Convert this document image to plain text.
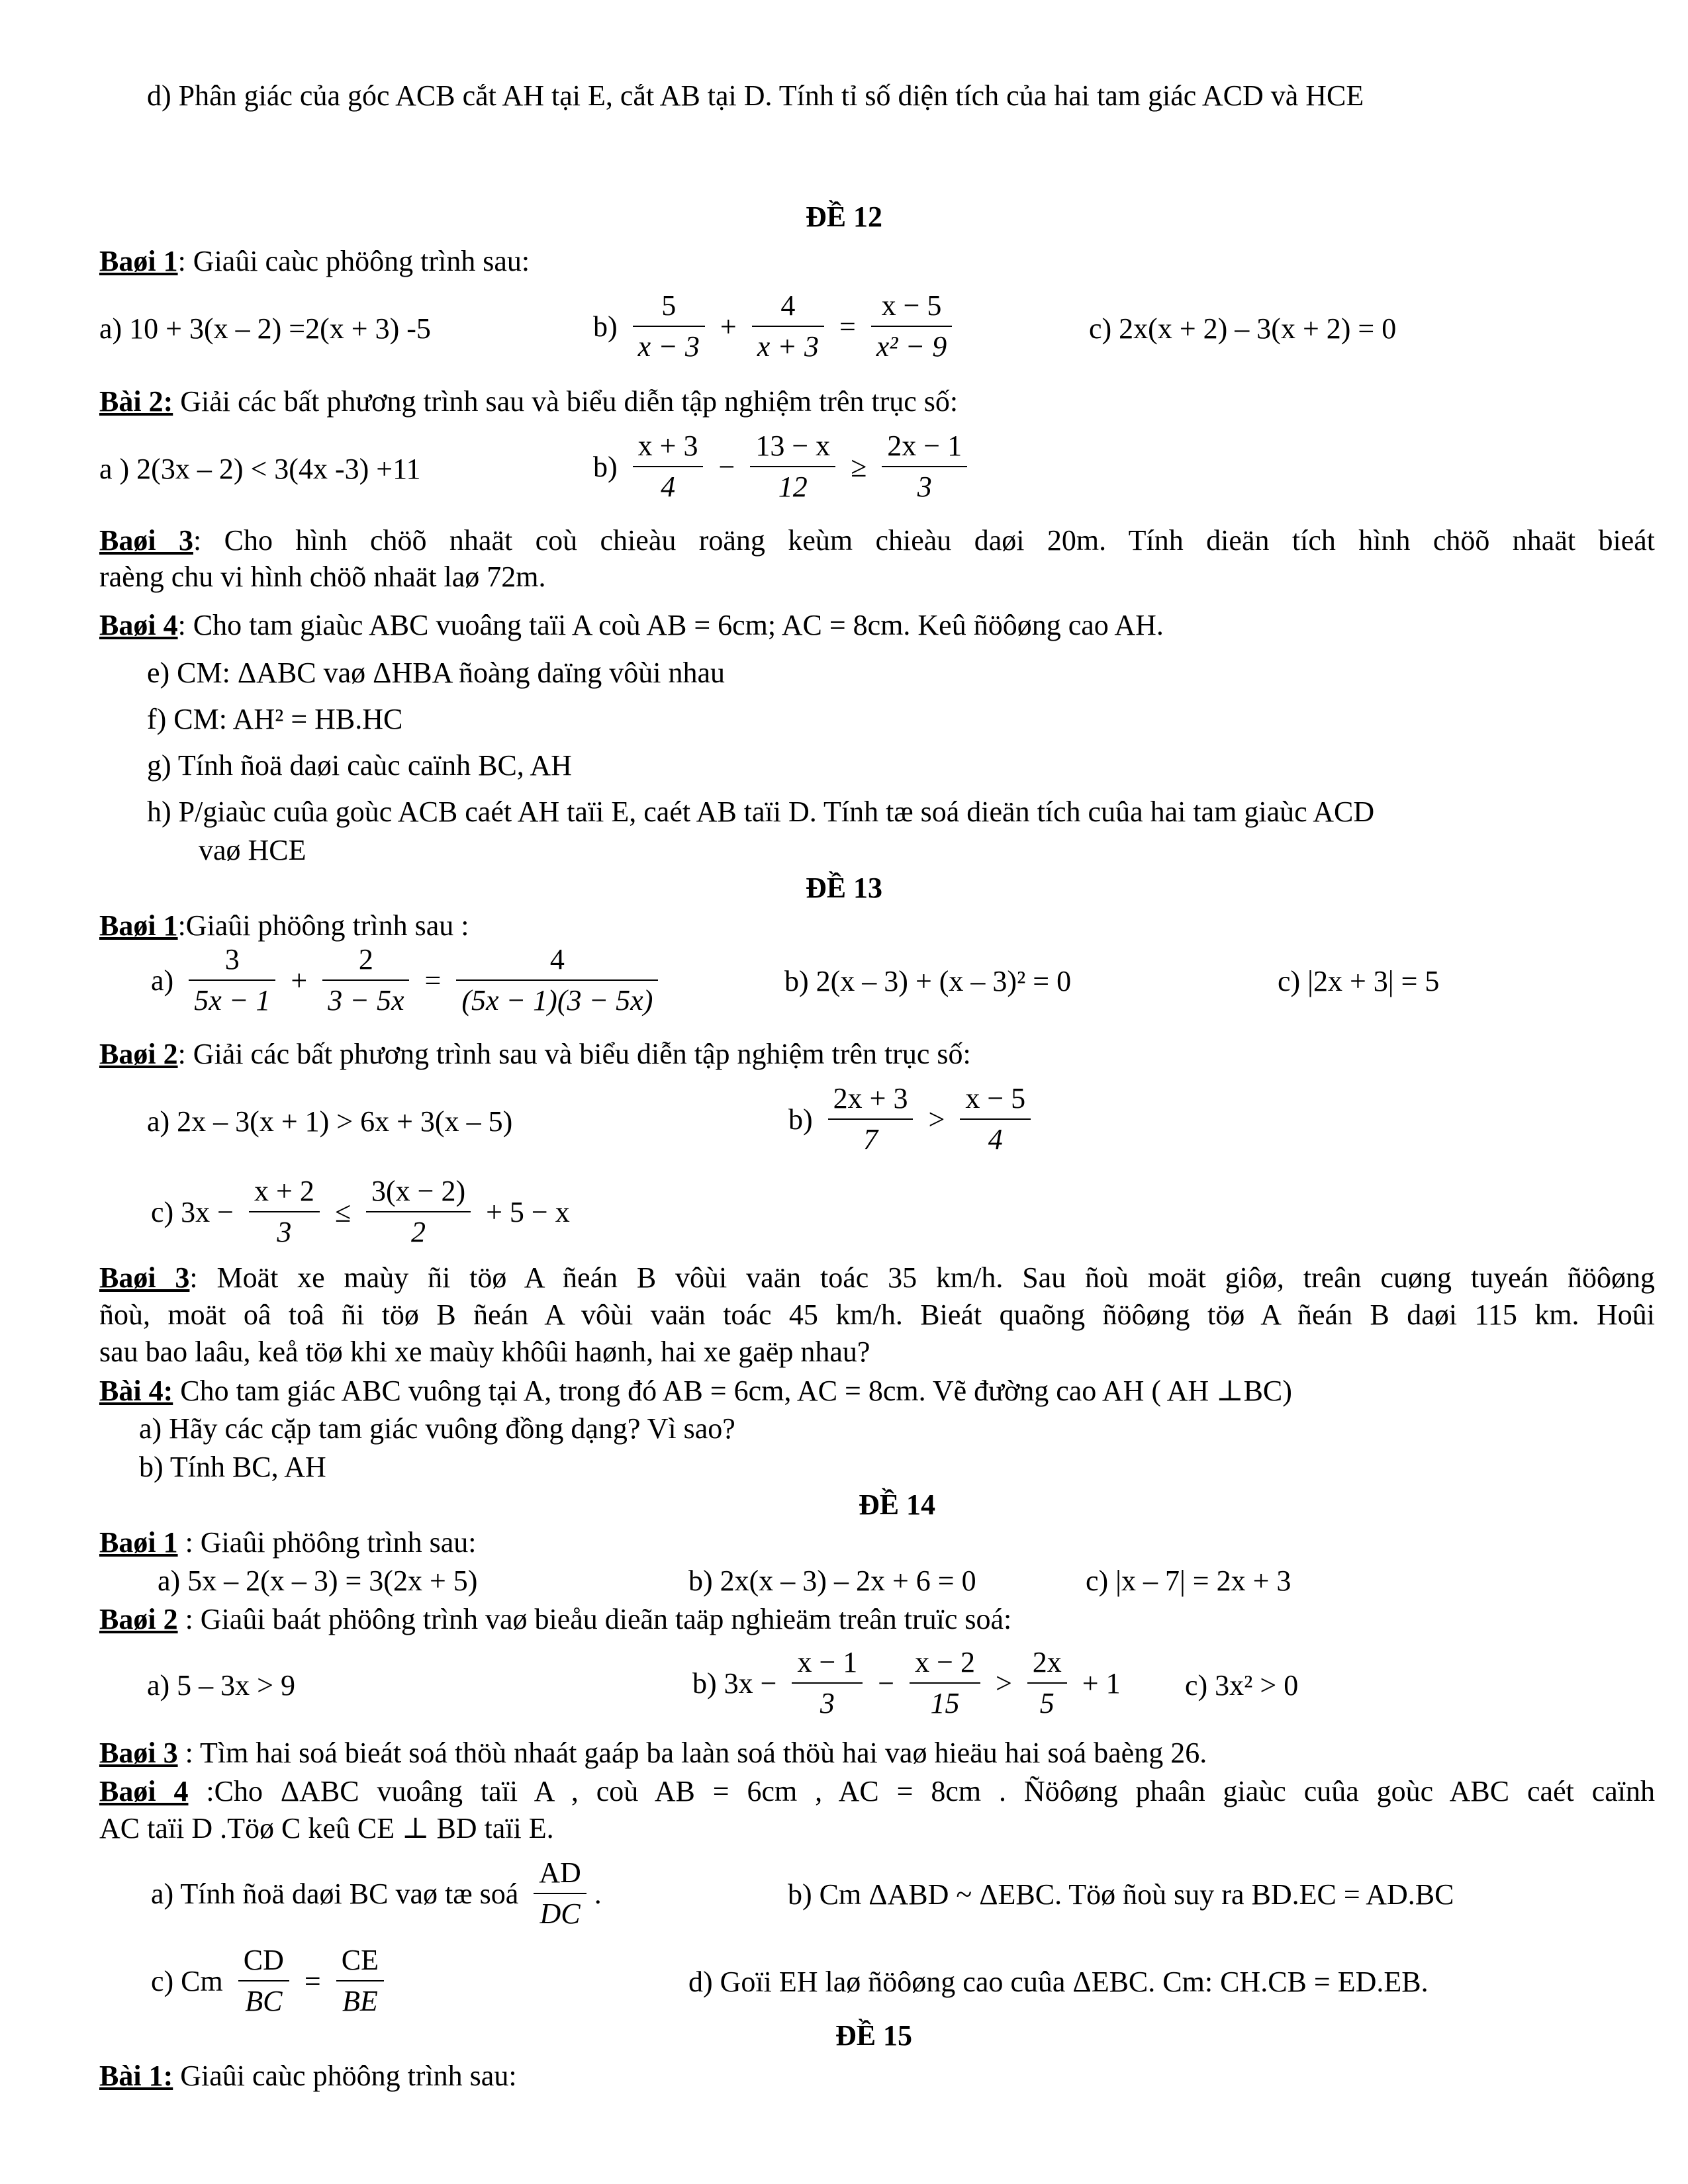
d) Phân giác của góc ACB cắt AH tại E, cắt AB tại D. Tính tỉ số diện tích của hai tam giác ACD và HCE
ĐỀ 12
Baøi 1: Giaûi caùc phöông trình sau:
a) 10 + 3(x – 2) =2(x + 3) -5	$b) \frac{5}{x - 3} + \frac{4}{x + 3} = \frac{x - 5}{\text{x² − 9}}$	c) 2x(x + 2) – 3(x + 2) = 0
Bài 2: Giải các bất phương trình sau và biểu diễn tập nghiệm trên trục số:
a ) 2(3x – 2) < 3(4x -3) +11	$b) \frac{x + 3}{4} - \frac{13 - x}{12} \ge \frac{2x - 1}{3}$
Baøi 3: Cho hình chöõ nhaät coù chieàu roäng keùm chieàu daøi 20m. Tính dieän tích hình chöõ nhaät bieát
raèng chu vi hình chöõ nhaät laø 72m.
Baøi 4: Cho tam giaùc ABC vuoâng taïi A coù AB = 6cm; AC = 8cm. Keû ñöôøng cao AH.
e) CM: ΔABC vaø ΔHBA ñoàng daïng vôùi nhau
f) CM: AH² = HB.HC
g) Tính ñoä daøi caùc caïnh BC, AH
h) P/giaùc cuûa goùc ACB caét AH taïi E, caét AB taïi D. Tính tæ soá dieän tích cuûa hai tam giaùc ACD
vaø HCE
ĐỀ 13
Baøi 1:Giaûi phöông trình sau :
$a) \frac{3}{5x - 1} + \frac{2}{3 - 5x} = \frac{4}{(5x - 1)(3 - 5x)}$	b) 2(x – 3) + (x – 3)² = 0	c) |2x + 3| = 5
Baøi 2: Giải các bất phương trình sau và biểu diễn tập nghiệm trên trục số:
a) 2x – 3(x + 1) > 6x + 3(x – 5)	$b) \frac{2x + 3}{7} > \frac{x - 5}{4}$
c) $3x - \frac{x + 2}{3} \le \frac{3(x - 2)}{2} + 5 - x$
Baøi 3: Moät xe maùy ñi töø A ñeán B vôùi vaän toác 35 km/h. Sau ñoù moät giôø, treân cuøng tuyeán ñöôøng
ñoù, moät oâ toâ ñi töø B ñeán A vôùi vaän toác 45 km/h. Bieát quaõng ñöôøng töø A ñeán B daøi 115 km. Hoûi
sau bao laâu, keå töø khi xe maùy khôûi haønh, hai xe gaëp nhau?
Bài 4: Cho tam giác ABC vuông tại A, trong đó AB = 6cm, AC = 8cm. Vẽ đường cao AH ( AH ⊥BC)
a) Hãy các cặp tam giác vuông đồng dạng? Vì sao?
b) Tính BC, AH
ĐỀ 14
Baøi 1 : Giaûi phöông trình sau:
a) 5x – 2(x – 3) = 3(2x + 5)	b) 2x(x – 3) – 2x + 6 = 0	c) |x – 7| = 2x + 3
Baøi 2 : Giaûi baát phöông trình vaø bieåu dieãn taäp nghieäm treân truïc soá:
a) 5 – 3x > 9	b) $3x - \frac{x - 1}{3} - \frac{x - 2}{15} > \frac{2x}{5} + 1$ c) 3x² > 0
Baøi 3 : Tìm hai soá bieát soá thöù nhaát gaáp ba laàn soá thöù hai vaø hieäu hai soá baèng 26.
Baøi 4 :Cho ΔABC vuoâng taïi A , coù AB = 6cm , AC = 8cm . Ñöôøng phaân giaùc cuûa goùc ABC caét caïnh
AC taïi D .Töø C keû CE ⊥ BD taïi E.
a) Tính ñoä daøi BC vaø tæ soá $\frac{AD}{DC}$ .	b) Cm ΔABD ~ ΔEBC. Töø ñoù suy ra BD.EC = AD.BC
c) Cm $\frac{CD}{BC} = \frac{CE}{BE}$	d) Goïi EH laø ñöôøng cao cuûa ΔEBC. Cm: CH.CB = ED.EB.
ĐỀ 15
Bài 1: Giaûi caùc phöông trình sau:
